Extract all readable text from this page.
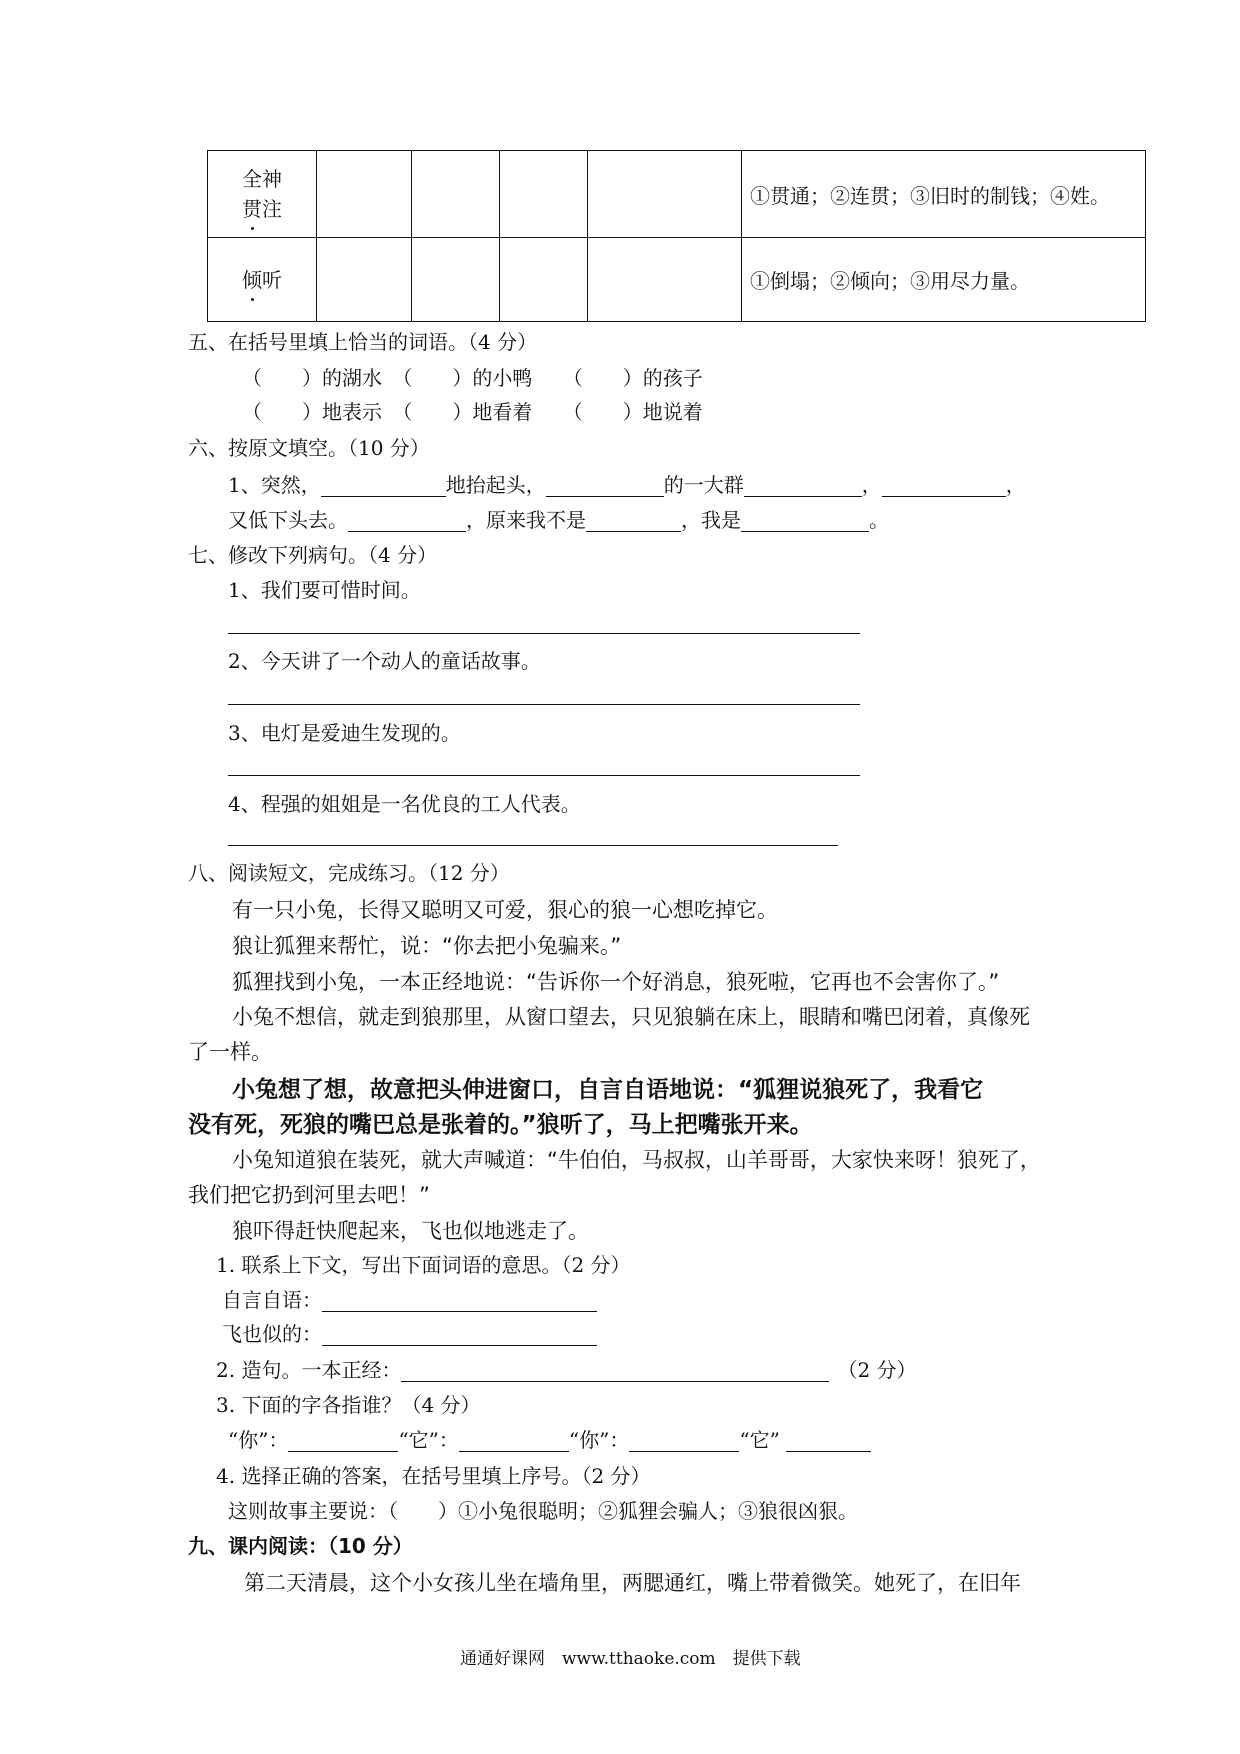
全神
贯注					①贯通；②连贯；③旧时的制钱；④姓。

倾听					①倒塌；②倾向；③用尽力量。
五、在括号里填上恰当的词语。（4 分）
（　　）的湖水 （　　）的小鸭　 （　　）的孩子
（　　）地表示 （　　）地看着　 （　　）地说着
六、按原文填空。（10 分）
1、突然，	地抬起头，	的一大群	，	，
又低下头去。	，原来我不是	，我是	。
七、修改下列病句。（4 分）
1、我们要可惜时间。
2、今天讲了一个动人的童话故事。
3、电灯是爱迪生发现的。
4、程强的姐姐是一名优良的工人代表。
八、阅读短文，完成练习。（12 分）
有一只小兔，长得又聪明又可爱，狠心的狼一心想吃掉它。
狼让狐狸来帮忙，说：“你去把小兔骗来。”
狐狸找到小兔，一本正经地说：“告诉你一个好消息，狼死啦，它再也不会害你了。”
小兔不想信，就走到狼那里，从窗口望去，只见狼躺在床上，眼睛和嘴巴闭着，真像死
了一样。
小兔想了想，故意把头伸进窗口，自言自语地说：“狐狸说狼死了，我看它
没有死，死狼的嘴巴总是张着的。”狼听了，马上把嘴张开来。
小兔知道狼在装死，就大声喊道：“牛伯伯，马叔叔，山羊哥哥，大家快来呀！狼死了，
我们把它扔到河里去吧！”
狼吓得赶快爬起来，飞也似地逃走了。
1. 联系上下文，写出下面词语的意思。（2 分）
自言自语：
飞也似的：
2. 造句。一本正经：	（2 分）
3. 下面的字各指谁？（4 分）
“你”：	“它”：	“你”：	“它”
4. 选择正确的答案，在括号里填上序号。（2 分）
这则故事主要说：（　　）①小兔很聪明；②狐狸会骗人；③狼很凶狠。
九、课内阅读：（10 分）
第二天清晨，这个小女孩儿坐在墙角里，两腮通红，嘴上带着微笑。她死了，在旧年
通通好课网　www.tthaoke.com　提供下载
